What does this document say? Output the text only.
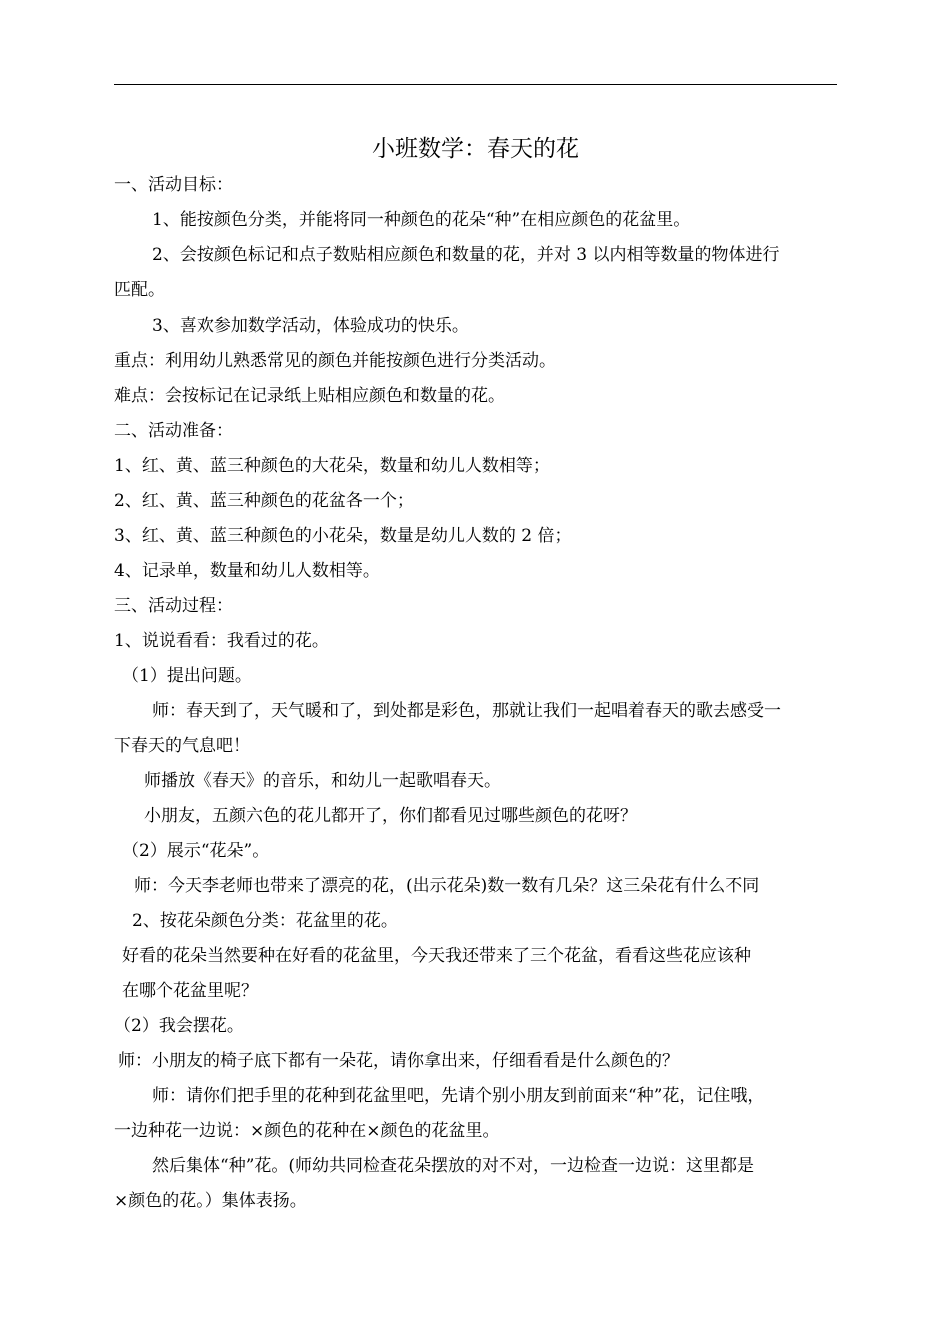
小班数学：春天的花
一、活动目标：
1、能按颜色分类，并能将同一种颜色的花朵“种”在相应颜色的花盆里。
2、会按颜色标记和点子数贴相应颜色和数量的花，并对 3 以内相等数量的物体进行
匹配。
3、喜欢参加数学活动，体验成功的快乐。
重点：利用幼儿熟悉常见的颜色并能按颜色进行分类活动。
难点：会按标记在记录纸上贴相应颜色和数量的花。
二、活动准备：
1、红、黄、蓝三种颜色的大花朵，数量和幼儿人数相等；
2、红、黄、蓝三种颜色的花盆各一个；
3、红、黄、蓝三种颜色的小花朵，数量是幼儿人数的 2 倍；
4、记录单，数量和幼儿人数相等。
三、活动过程：
1、说说看看：我看过的花。
（1）提出问题。
师：春天到了，天气暖和了，到处都是彩色，那就让我们一起唱着春天的歌去感受一
下春天的气息吧！
师播放《春天》的音乐，和幼儿一起歌唱春天。
小朋友，五颜六色的花儿都开了，你们都看见过哪些颜色的花呀？
（2）展示“花朵”。
师：今天李老师也带来了漂亮的花，(出示花朵)数一数有几朵？这三朵花有什么不同
2、按花朵颜色分类：花盆里的花。
好看的花朵当然要种在好看的花盆里，今天我还带来了三个花盆，看看这些花应该种
在哪个花盆里呢？
（2）我会摆花。
师：小朋友的椅子底下都有一朵花，请你拿出来，仔细看看是什么颜色的？
师：请你们把手里的花种到花盆里吧，先请个别小朋友到前面来“种”花，记住哦，
一边种花一边说：×颜色的花种在×颜色的花盆里。
然后集体“种”花。(师幼共同检查花朵摆放的对不对，一边检查一边说：这里都是
×颜色的花。）集体表扬。
